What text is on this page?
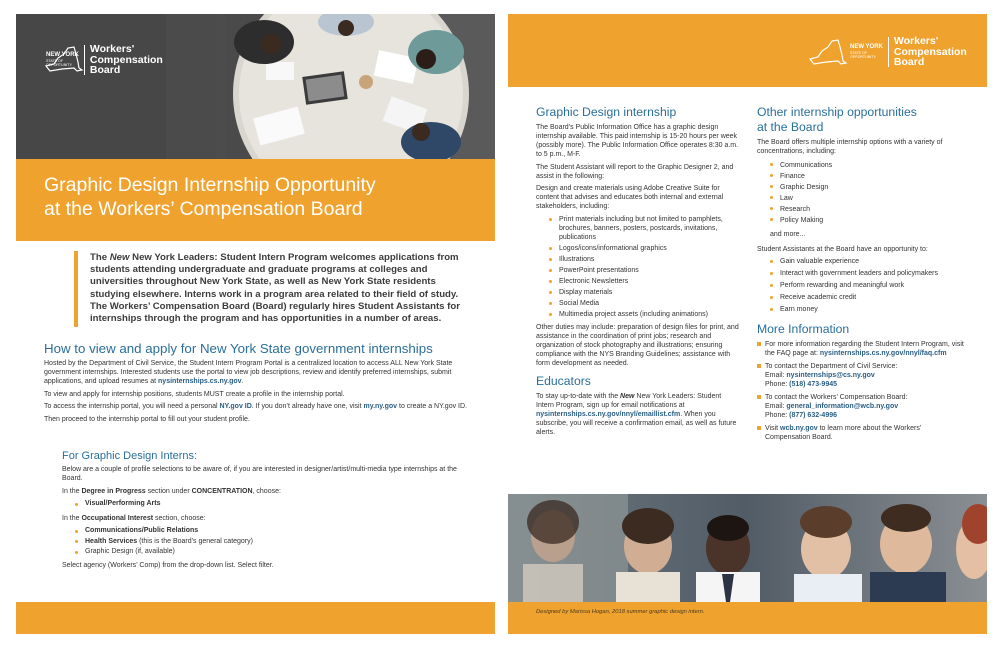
NEW YORK
STATE OF
OPPORTUNITY.
Workers'
Compensation
Board
Graphic Design Internship Opportunity
at the Workers’ Compensation Board
The New New York Leaders: Student Intern Program welcomes applications from students attending undergraduate and graduate programs at colleges and universities throughout New York State, as well as New York State residents studying elsewhere. Interns work in a program area related to their field of study. The Workers’ Compensation Board (Board) regularly hires Student Assistants for internships through the program and has opportunities in a number of areas.
How to view and apply for New York State government internships

Hosted by the Department of Civil Service, the Student Intern Program Portal is a centralized location to access ALL New York State government internships. Interested students use the portal to view job descriptions, review and identify preferred internships, submit applications, and upload resumes at nysinternships.cs.ny.gov.

To view and apply for internship positions, students MUST create a profile in the internship portal.

To access the internship portal, you will need a personal NY.gov ID. If you don’t already have one, visit my.ny.gov to create a NY.gov ID.

Then proceed to the internship portal to fill out your student profile.

For Graphic Design Interns:

Below are a couple of profile selections to be aware of, if you are interested in designer/artist/multi-media type internships at the Board.

In the Degree in Progress section under CONCENTRATION, choose:

Visual/Performing Arts

In the Occupational Interest section, choose:

Communications/Public Relations
Health Services (this is the Board’s general category)
Graphic Design (if, available)

Select agency (Workers’ Comp) from the drop-down list. Select filter.

NEW YORK
STATE OF
OPPORTUNITY.
Workers'
Compensation
Board
Graphic Design internship

The Board’s Public Information Office has a graphic design internship available. This paid internship is 15-20 hours per week (possibly more). The Public Information Office operates 8:30 a.m. to 5 p.m., M-F.

The Student Assistant will report to the Graphic Designer 2, and assist in the following:

Design and create materials using Adobe Creative Suite for content that advises and educates both internal and external stakeholders, including:

Print materials including but not limited to pamphlets, brochures, banners, posters, postcards, invitations, publications
Logos/icons/informational graphics
Illustrations
PowerPoint presentations
Electronic Newsletters
Display materials
Social Media
Multimedia project assets (including animations)

Other duties may include: preparation of design files for print, and assistance in the coordination of print jobs; research and organization of stock photography and illustrations; ensuring compliance with the NYS Branding Guidelines; assistance with form development as needed.

Educators

To stay up-to-date with the New New York Leaders: Student Intern Program, sign up for email notifications at nysinternships.cs.ny.gov/nnyl/emaillist.cfm. When you subscribe, you will receive a confirmation email, as well as future alerts.

Other internship opportunities
at the Board

The Board offers multiple internship options with a variety of concentrations, including:

Communications
Finance
Graphic Design
Law
Research
Policy Making
and more...

Student Assistants at the Board have an opportunity to:

Gain valuable experience
Interact with government leaders and policymakers
Perform rewarding and meaningful work
Receive academic credit
Earn money
More Information
For more information regarding the Student Intern Program, visit the FAQ page at: nysinternships.cs.ny.gov/nnyl/faq.cfm
To contact the Department of Civil Service:
Email: nysinternships@cs.ny.gov
Phone: (518) 473-9945
To contact the Workers’ Compensation Board:
Email: general_information@wcb.ny.gov
Phone: (877) 632-4996
Visit wcb.ny.gov to learn more about the Workers’ Compensation Board.
Designed by Marissa Hogan, 2018 summer graphic design intern.
